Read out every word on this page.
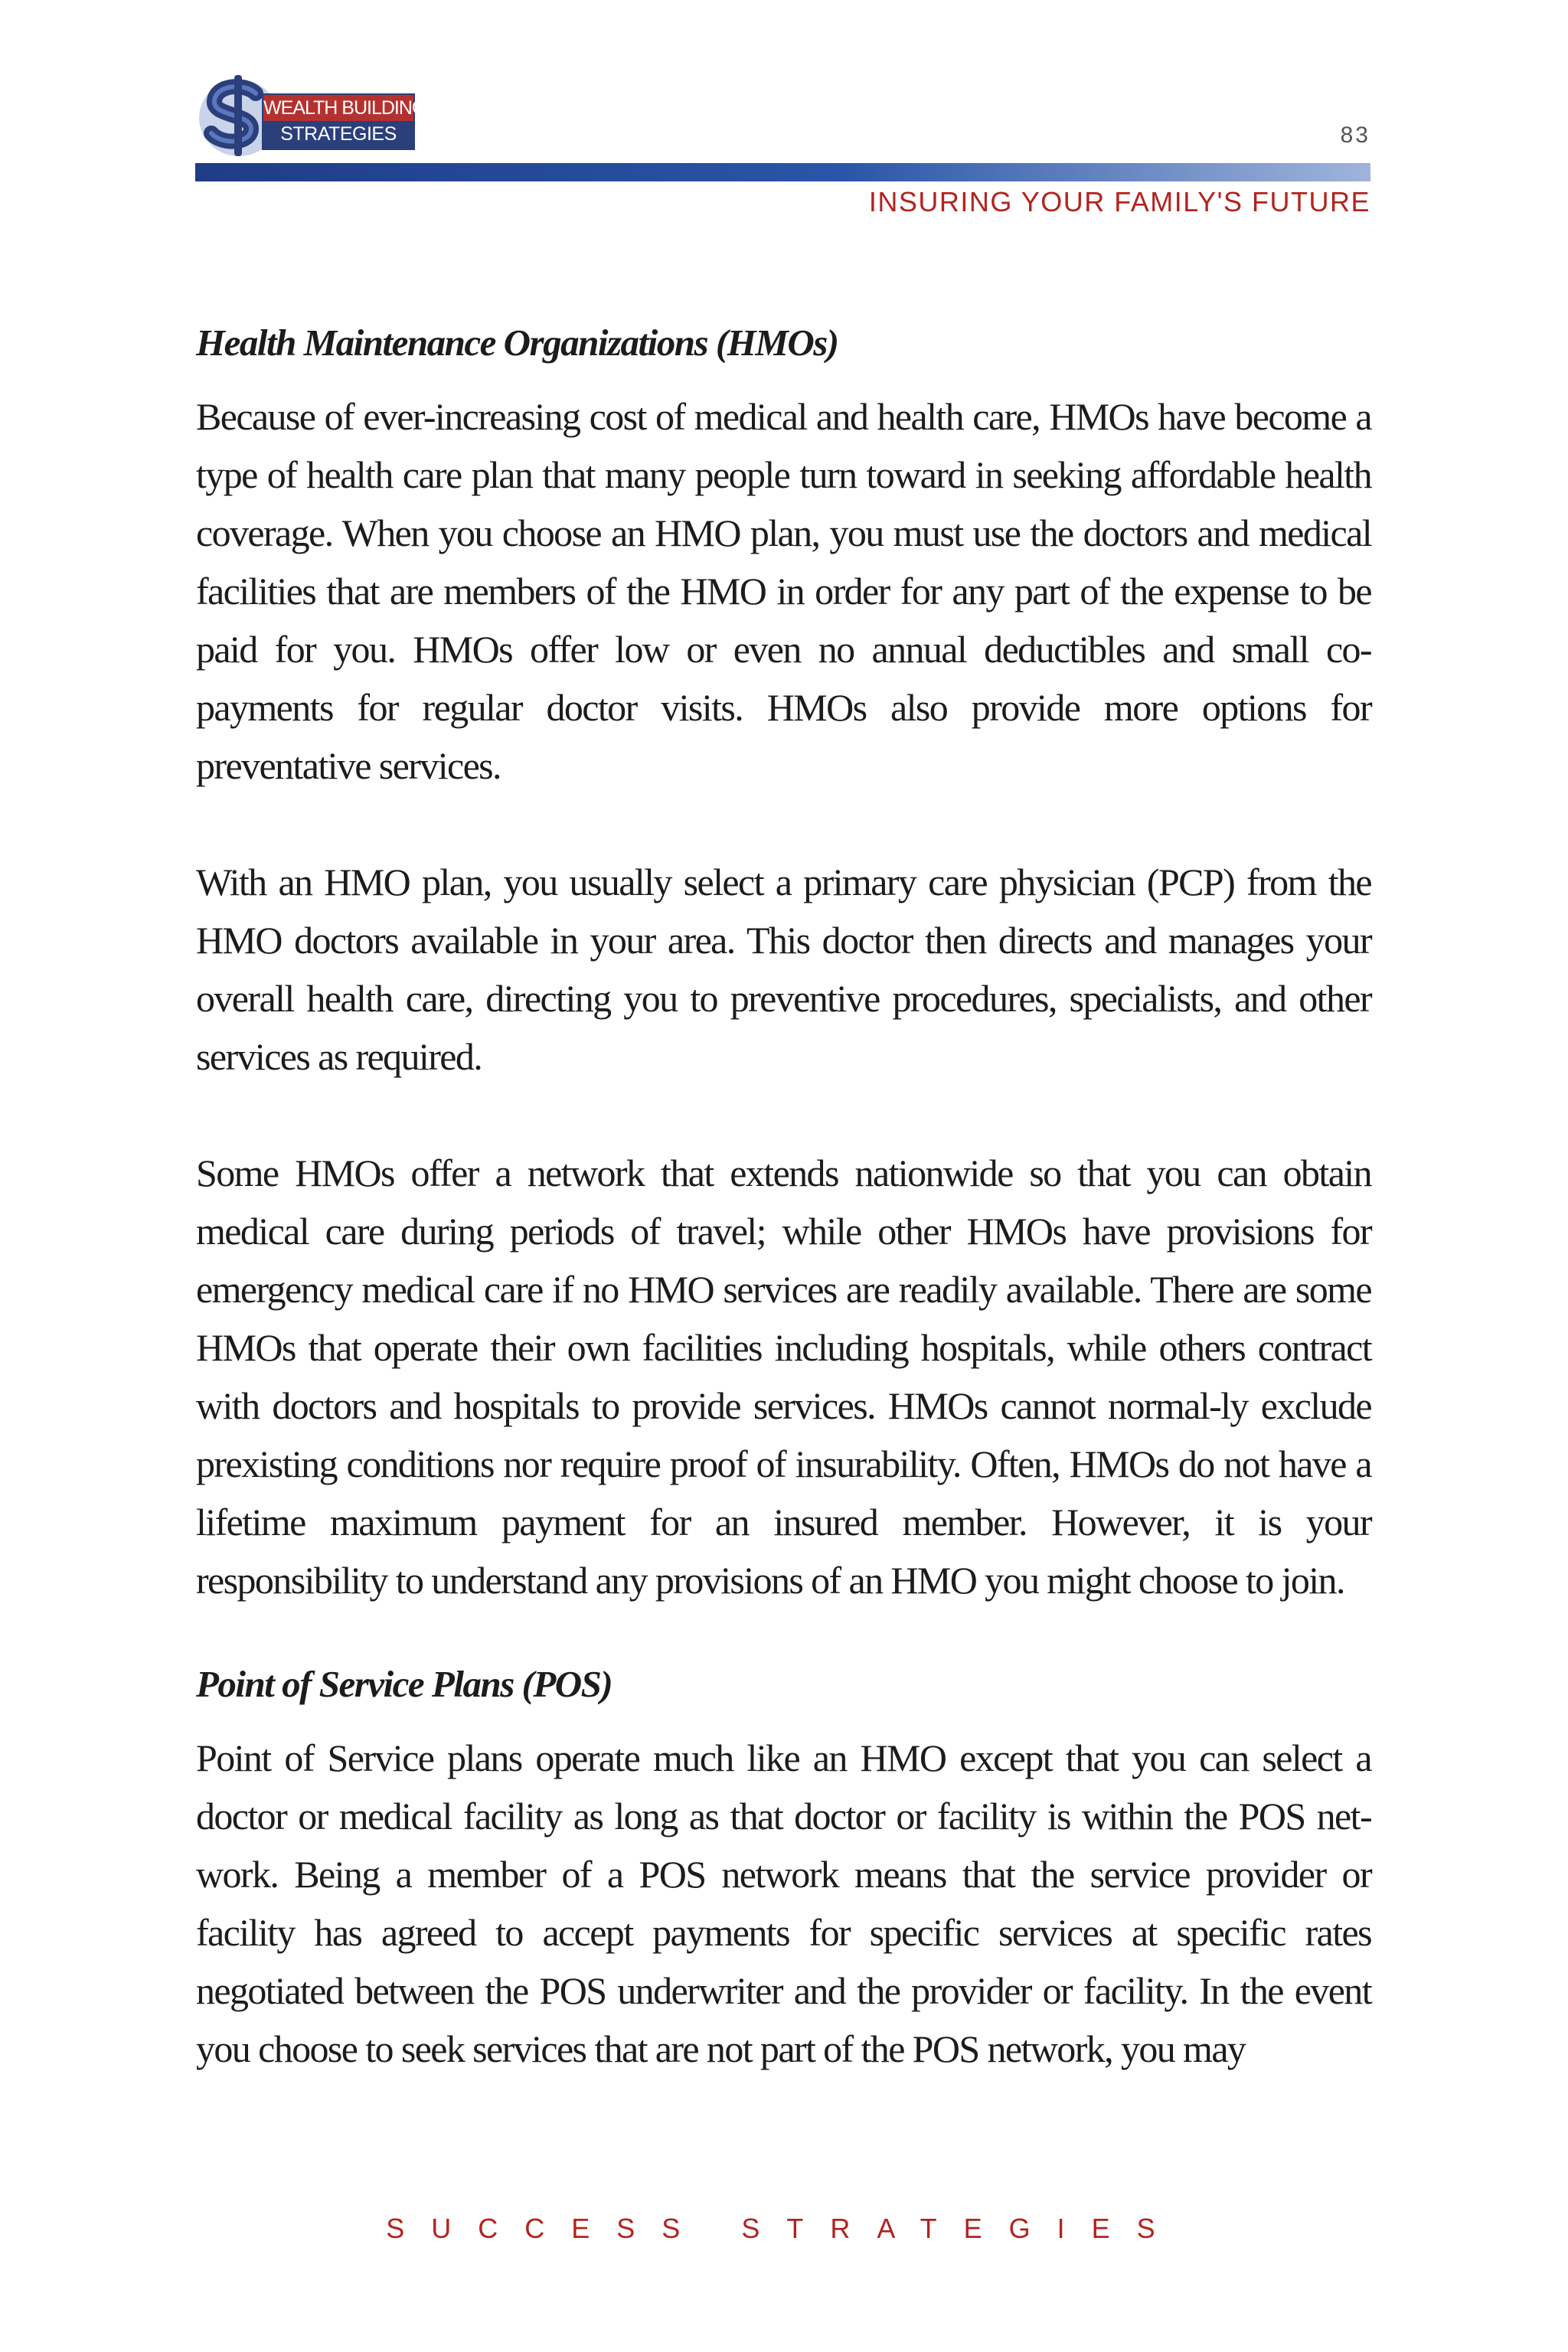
WEALTH BUILDING
STRATEGIES	83
INSURING YOUR FAMILY'S FUTURE
Health Maintenance Organizations (HMOs)

Because of ever-increasing cost of medical and health care, HMOs have become a type of health care plan that many people turn toward in seeking affordable health coverage. When you choose an HMO plan, you must use the doctors and medical facilities that are members of the HMO in order for any part of the expense to be paid for you. HMOs offer low or even no annual deductibles and small co-payments for regular doctor visits. HMOs also provide more options for preventative services.

With an HMO plan, you usually select a primary care physician (PCP) from the HMO doctors available in your area. This doctor then directs and manages your overall health care, directing you to preventive procedures, specialists, and other services as required.

Some HMOs offer a network that extends nationwide so that you can obtain medical care during periods of travel; while other HMOs have provisions for emergency medical care if no HMO services are readily available. There are some HMOs that operate their own facilities including hospitals, while others contract with doctors and hospitals to provide services. HMOs cannot normal-ly exclude prexisting conditions nor require proof of insurability. Often, HMOs do not have a lifetime maximum payment for an insured member. However, it is your responsibility to understand any provisions of an HMO you might choose to join.

Point of Service Plans (POS)

Point of Service plans operate much like an HMO except that you can select a doctor or medical facility as long as that doctor or facility is within the POS net-work. Being a member of a POS network means that the service provider or facility has agreed to accept payments for specific services at specific rates negotiated between the POS underwriter and the provider or facility. In the event you choose to seek services that are not part of the POS network, you may

SUCCESS STRATEGIES
